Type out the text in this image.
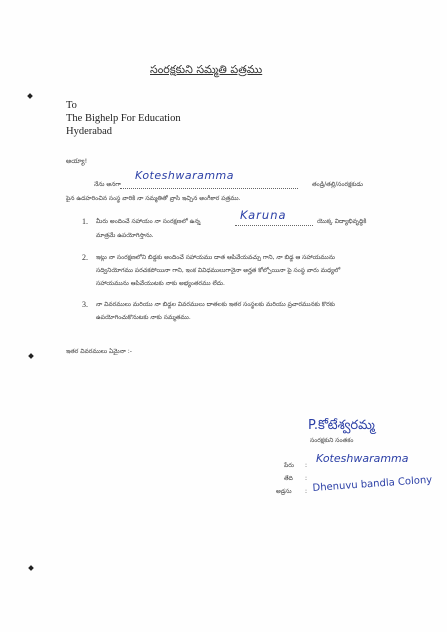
సంరక్షకుని సమ్మతి పత్రము
To
The Bighelp For Education
Hyderabad
అయ్యా!
నేను అనగా
Koteshwaramma
తండ్రి/తల్లి/సంరక్షకుడు
పైన ఉదహరించిన సంస్థ వారికి నా సమ్మతితో వ్రాసి ఇచ్చిన అంగీకార పత్రము.
1. మీరు అందించే సహాయం నా సంరక్షణలో ఉన్న	Karuna	యొక్క విద్యాభివృద్ధికి
మాత్రమే ఉపయోగిస్తాను.
2. ఇట్లు నా సంరక్షణలోని బిడ్డకు అందించే సహాయము దాత ఆపివేయవచ్చు గాని, నా బిడ్డ ఆ సహాయమును
సద్వినియోగము పరచకపోయినా గాని, ఇంక వివిధములుగానైనా అర్హత కోల్పోయినా పై సంస్థ వారు మధ్యలో
సహాయమును ఆపివేయుటకు నాకు అభ్యంతరము లేదు.
3. నా వివరములు మరియు నా బిడ్డల వివరములు దాతలకు ఇతర సంస్థలకు మరియు ప్రచారమునకు కొరకు
ఉపయోగించుకొనుటకు నాకు సమ్మతము.
ఇతర వివరములు ఏమైనా :-
P.కోటేశ్వరమ్మ
సంరక్షకుని సంతకం
పేరు :
Koteshwaramma
తేది :
అడ్రసు : Dhenuvu bandla Colony
